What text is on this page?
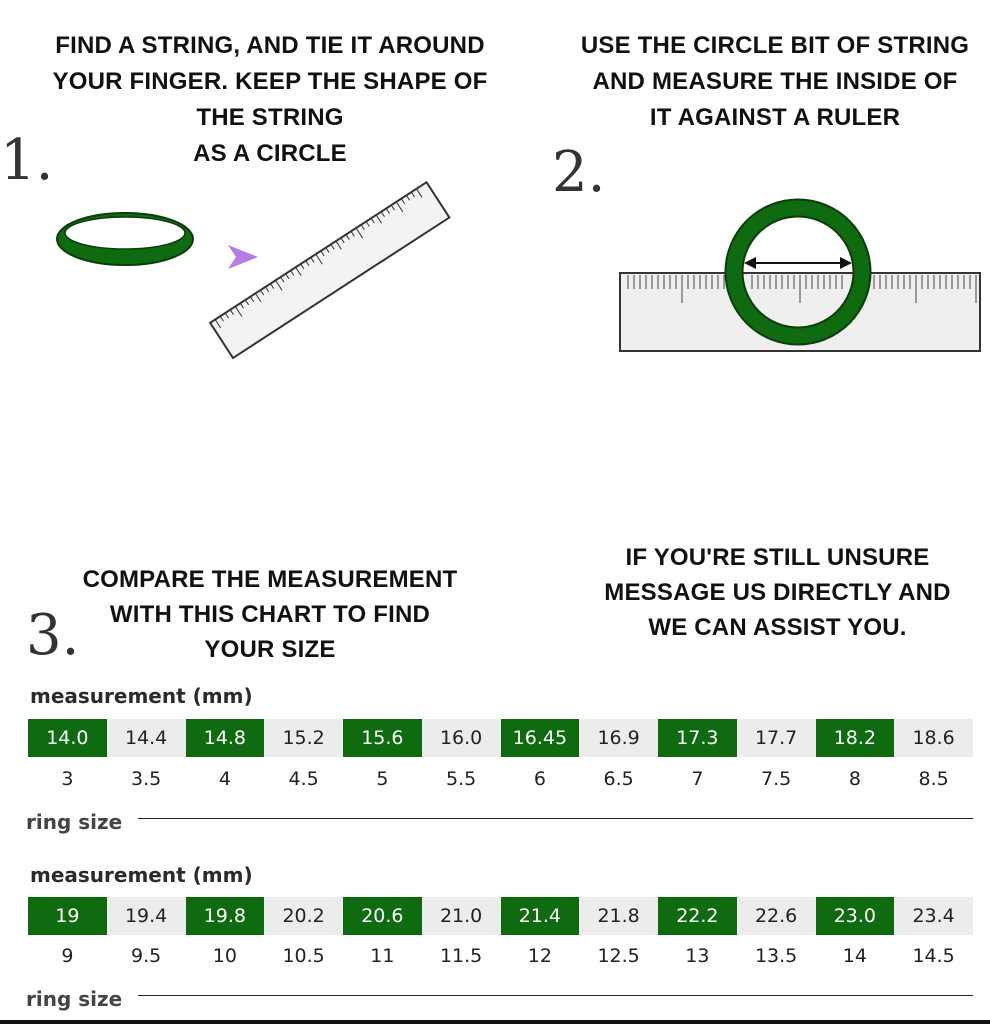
FIND A STRING, AND TIE IT AROUND
YOUR FINGER. KEEP THE SHAPE OF
THE STRING
AS A CIRCLE
1.
USE THE CIRCLE BIT OF STRING
AND MEASURE THE INSIDE OF
IT AGAINST A RULER
2.
COMPARE THE MEASUREMENT
WITH THIS CHART TO FIND
YOUR SIZE
3.
IF YOU'RE STILL UNSURE
MESSAGE US DIRECTLY AND
WE CAN ASSIST YOU.
measurement (mm)
14.0	14.4	14.8	15.2	15.6	16.0	16.45	16.9	17.3	17.7	18.2	18.6
3	3.5	4	4.5	5	5.5	6	6.5	7	7.5	8	8.5
ring size
measurement (mm)
19	19.4	19.8	20.2	20.6	21.0	21.4	21.8	22.2	22.6	23.0	23.4
9	9.5	10	10.5	11	11.5	12	12.5	13	13.5	14	14.5
ring size
